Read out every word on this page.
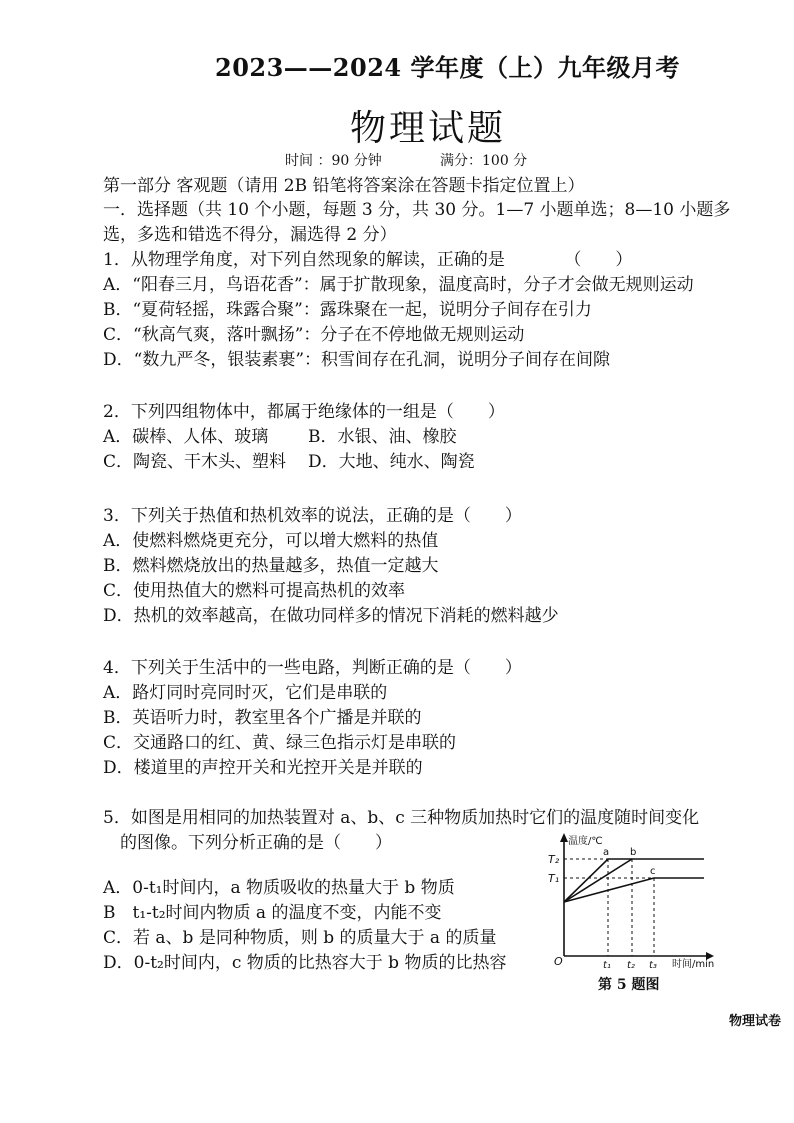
2023——2024 学年度（上）九年级月考
物理试题
时间 ：90 分钟	满分：100 分
第一部分 客观题（请用 2B 铅笔将答案涂在答题卡指定位置上）
一．选择题（共 10 个小题，每题 3 分，共 30 分。1—7 小题单选；8—10 小题多
选，多选和错选不得分，漏选得 2 分）
1．从物理学角度，对下列自然现象的解读，正确的是　　　　（　　）
A．“阳春三月，鸟语花香”：属于扩散现象，温度高时，分子才会做无规则运动
B．“夏荷轻摇，珠露合聚”：露珠聚在一起，说明分子间存在引力
C．“秋高气爽，落叶飘扬”：分子在不停地做无规则运动
D．“数九严冬，银装素裹”：积雪间存在孔洞，说明分子间存在间隙
2．下列四组物体中，都属于绝缘体的一组是（　　）
A．碳棒、人体、玻璃	B．水银、油、橡胶
C．陶瓷、干木头、塑料	D．大地、纯水、陶瓷
3．下列关于热值和热机效率的说法，正确的是（　　）
A．使燃料燃烧更充分，可以增大燃料的热值
B．燃料燃烧放出的热量越多，热值一定越大
C．使用热值大的燃料可提高热机的效率
D．热机的效率越高，在做功同样多的情况下消耗的燃料越少
4．下列关于生活中的一些电路，判断正确的是（　　）
A．路灯同时亮同时灭，它们是串联的
B．英语听力时，教室里各个广播是并联的
C．交通路口的红、黄、绿三色指示灯是串联的
D．楼道里的声控开关和光控开关是并联的
5．如图是用相同的加热装置对 a、b、c 三种物质加热时它们的温度随时间变化
的图像。下列分析正确的是（　　）
A．0-t₁时间内，a 物质吸收的热量大于 b 物质
B　t₁-t₂时间内物质 a 的温度不变，内能不变
C．若 a、b 是同种物质，则 b 的质量大于 a 的质量
D．0-t₂时间内，c 物质的比热容大于 b 物质的比热容
温度/℃
时间/min
O
T₂
T₁
t₁ t₂ t₃
a b
c
第 5 题图
物理试卷
